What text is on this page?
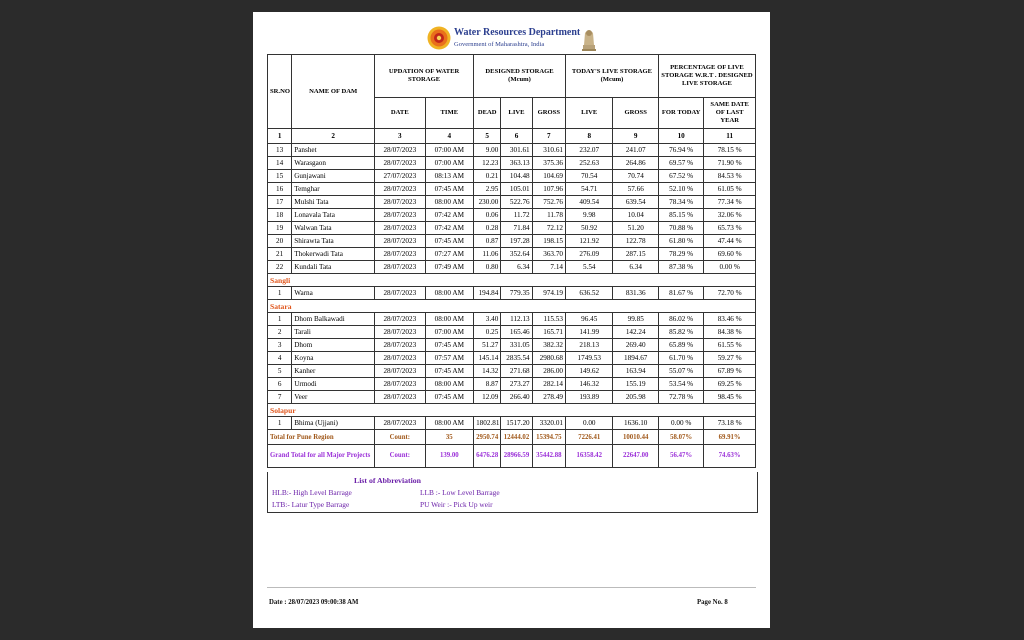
Water Resources Department
Government of Maharashtra, India
SR.NO	NAME OF DAM	UPDATION OF WATER STORAGE		DESIGNED STORAGE (Mcum)			TODAY'S LIVE STORAGE (Mcum)		PERCENTAGE OF LIVE STORAGE W.R.T . DESIGNED LIVE STORAGE	
		DATE	TIME	DEAD	LIVE	GROSS	LIVE	GROSS	FOR TODAY	SAME DATE OF LAST YEAR
1	2	3	4	5	6	7	8	9	10	11
13	Panshet	28/07/2023	07:00 AM	9.00	301.61	310.61	232.07	241.07	76.94 %	78.15 %
14	Warasgaon	28/07/2023	07:00 AM	12.23	363.13	375.36	252.63	264.86	69.57 %	71.90 %
15	Gunjawani	27/07/2023	08:13 AM	0.21	104.48	104.69	70.54	70.74	67.52 %	84.53 %
16	Temghar	28/07/2023	07:45 AM	2.95	105.01	107.96	54.71	57.66	52.10 %	61.05 %
17	Mulshi Tata	28/07/2023	08:00 AM	230.00	522.76	752.76	409.54	639.54	78.34 %	77.34 %
18	Lonavala Tata	28/07/2023	07:42 AM	0.06	11.72	11.78	9.98	10.04	85.15 %	32.06 %
19	Walwan Tata	28/07/2023	07:42 AM	0.28	71.84	72.12	50.92	51.20	70.88 %	65.73 %
20	Shirawta Tata	28/07/2023	07:45 AM	0.87	197.28	198.15	121.92	122.78	61.80 %	47.44 %
21	Thokerwadi Tata	28/07/2023	07:27 AM	11.06	352.64	363.70	276.09	287.15	78.29 %	69.60 %
22	Kundali Tata	28/07/2023	07:49 AM	0.80	6.34	7.14	5.54	6.34	87.38 %	0.00 %
Sangli										
1	Warna	28/07/2023	08:00 AM	194.84	779.35	974.19	636.52	831.36	81.67 %	72.70 %
Satara										
1	Dhom Balkawadi	28/07/2023	08:00 AM	3.40	112.13	115.53	96.45	99.85	86.02 %	83.46 %
2	Tarali	28/07/2023	07:00 AM	0.25	165.46	165.71	141.99	142.24	85.82 %	84.38 %
3	Dhom	28/07/2023	07:45 AM	51.27	331.05	382.32	218.13	269.40	65.89 %	61.55 %
4	Koyna	28/07/2023	07:57 AM	145.14	2835.54	2980.68	1749.53	1894.67	61.70 %	59.27 %
5	Kanher	28/07/2023	07:45 AM	14.32	271.68	286.00	149.62	163.94	55.07 %	67.89 %
6	Urmodi	28/07/2023	08:00 AM	8.87	273.27	282.14	146.32	155.19	53.54 %	69.25 %
7	Veer	28/07/2023	07:45 AM	12.09	266.40	278.49	193.89	205.98	72.78 %	98.45 %
Solapur										
1	Bhima (Ujjani)	28/07/2023	08:00 AM	1802.81	1517.20	3320.01	0.00	1636.10	0.00 %	73.18 %
Total for Pune Region		Count:	35	2950.74	12444.02	15394.75	7226.41	10010.44	58.07%	69.91%
Grand Total for all Major Projects		Count:	139.00	6476.28	28966.59	35442.88	16358.42	22647.00	56.47%	74.63%
List of Abbreviation
HLB:- High Level Barrage	LLB :- Low Level Barrage
LTB:- Latur Type Barrage	PU Weir :- Pick Up weir
Date : 28/07/2023 09:00:38 AM	Page No. 8
